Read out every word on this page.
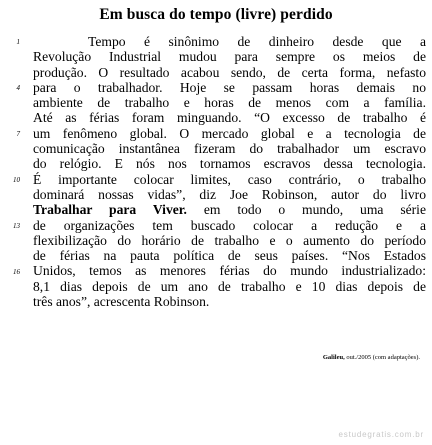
Em busca do tempo (livre) perdido
1
4
7
10
13
16
Tempo é sinônimo de dinheiro desde que a
Revolução Industrial mudou para sempre os meios de
produção. O resultado acabou sendo, de certa forma, nefasto
para o trabalhador. Hoje se passam horas demais no
ambiente de trabalho e horas de menos com a família.
Até as férias foram minguando. “O excesso de trabalho é
um fenômeno global. O mercado global e a tecnologia de
comunicação instantânea fizeram do trabalhador um escravo
do relógio. E nós nos tornamos escravos dessa tecnologia.
É importante colocar limites, caso contrário, o trabalho
dominará nossas vidas”, diz Joe Robinson, autor do livro
Trabalhar para Viver. em todo o mundo, uma série
de organizações tem buscado colocar a redução e a
flexibilização do horário de trabalho e o aumento do período
de férias na pauta política de seus países. “Nos Estados
Unidos, temos as menores férias do mundo industrializado:
8,1 dias depois de um ano de trabalho e 10 dias depois de
três anos”, acrescenta Robinson.
Galileu, out./2005 (com adaptações).
estudegratis.com.br
